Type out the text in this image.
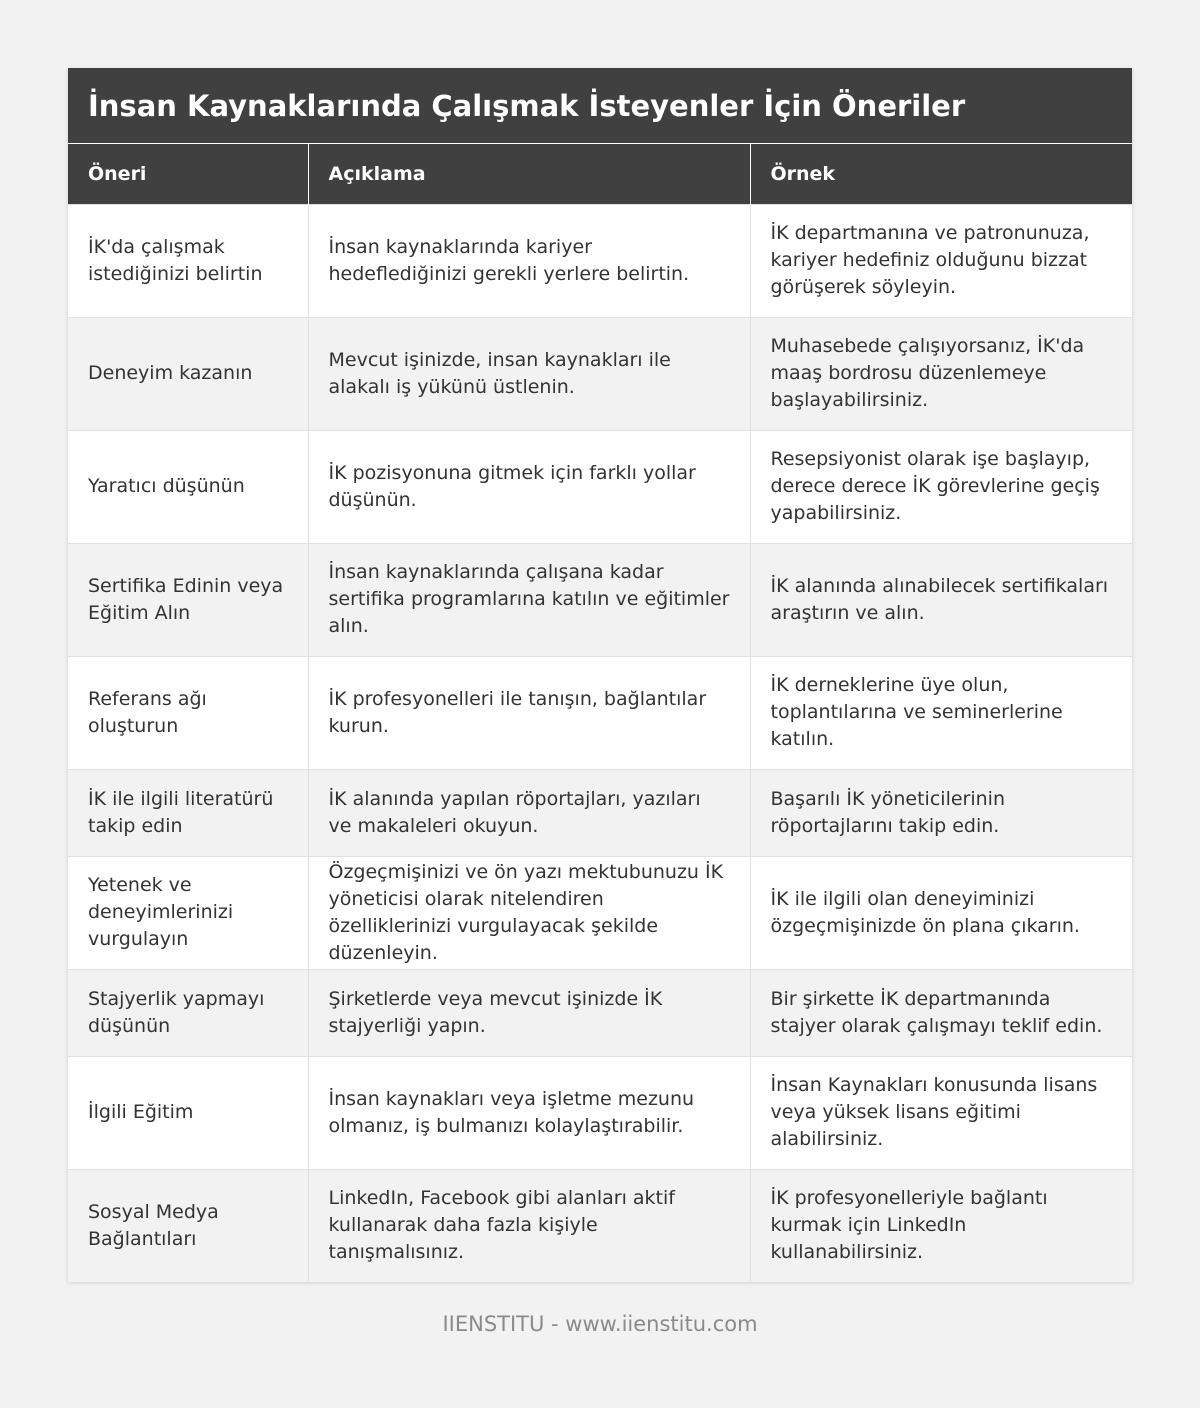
İnsan Kaynaklarında Çalışmak İsteyenler İçin Öneriler
Öneri	Açıklama	Örnek
İK'da çalışmak istediğinizi belirtin	İnsan kaynaklarında kariyer hedeflediğinizi gerekli yerlere belirtin.	İK departmanına ve patronunuza, kariyer hedefiniz olduğunu bizzat görüşerek söyleyin.
Deneyim kazanın	Mevcut işinizde, insan kaynakları ile alakalı iş yükünü üstlenin.	Muhasebede çalışıyorsanız, İK'da maaş bordrosu düzenlemeye başlayabilirsiniz.
Yaratıcı düşünün	İK pozisyonuna gitmek için farklı yollar düşünün.	Resepsiyonist olarak işe başlayıp, derece derece İK görevlerine geçiş yapabilirsiniz.
Sertifika Edinin veya Eğitim Alın	İnsan kaynaklarında çalışana kadar sertifika programlarına katılın ve eğitimler alın.	İK alanında alınabilecek sertifikaları araştırın ve alın.
Referans ağı oluşturun	İK profesyonelleri ile tanışın, bağlantılar kurun.	İK derneklerine üye olun, toplantılarına ve seminerlerine katılın.
İK ile ilgili literatürü takip edin	İK alanında yapılan röportajları, yazıları ve makaleleri okuyun.	Başarılı İK yöneticilerinin röportajlarını takip edin.
Yetenek ve deneyimlerinizi vurgulayın	Özgeçmişinizi ve ön yazı mektubunuzu İK yöneticisi olarak nitelendiren özelliklerinizi vurgulayacak şekilde düzenleyin.	İK ile ilgili olan deneyiminizi özgeçmişinizde ön plana çıkarın.
Stajyerlik yapmayı düşünün	Şirketlerde veya mevcut işinizde İK stajyerliği yapın.	Bir şirkette İK departmanında stajyer olarak çalışmayı teklif edin.
İlgili Eğitim	İnsan kaynakları veya işletme mezunu olmanız, iş bulmanızı kolaylaştırabilir.	İnsan Kaynakları konusunda lisans veya yüksek lisans eğitimi alabilirsiniz.
Sosyal Medya Bağlantıları	LinkedIn, Facebook gibi alanları aktif kullanarak daha fazla kişiyle tanışmalısınız.	İK profesyonelleriyle bağlantı kurmak için LinkedIn kullanabilirsiniz.
IIENSTITU - www.iienstitu.com
